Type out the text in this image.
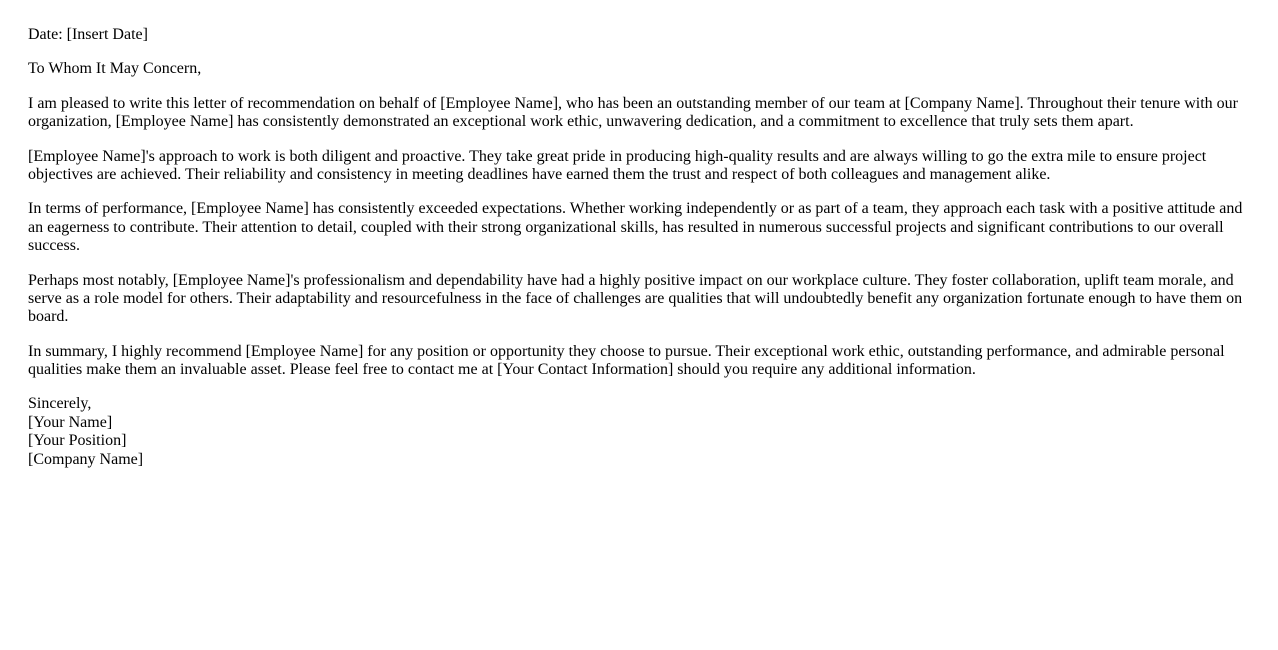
Date: [Insert Date]

To Whom It May Concern,

I am pleased to write this letter of recommendation on behalf of [Employee Name], who has been an outstanding member of our team at [Company Name]. Throughout their tenure with our organization, [Employee Name] has consistently demonstrated an exceptional work ethic, unwavering dedication, and a commitment to excellence that truly sets them apart.

[Employee Name]'s approach to work is both diligent and proactive. They take great pride in producing high-quality results and are always willing to go the extra mile to ensure project objectives are achieved. Their reliability and consistency in meeting deadlines have earned them the trust and respect of both colleagues and management alike.

In terms of performance, [Employee Name] has consistently exceeded expectations. Whether working independently or as part of a team, they approach each task with a positive attitude and an eagerness to contribute. Their attention to detail, coupled with their strong organizational skills, has resulted in numerous successful projects and significant contributions to our overall success.

Perhaps most notably, [Employee Name]'s professionalism and dependability have had a highly positive impact on our workplace culture. They foster collaboration, uplift team morale, and serve as a role model for others. Their adaptability and resourcefulness in the face of challenges are qualities that will undoubtedly benefit any organization fortunate enough to have them on board.

In summary, I highly recommend [Employee Name] for any position or opportunity they choose to pursue. Their exceptional work ethic, outstanding performance, and admirable personal qualities make them an invaluable asset. Please feel free to contact me at [Your Contact Information] should you require any additional information.

Sincerely,
[Your Name]
[Your Position]
[Company Name]
